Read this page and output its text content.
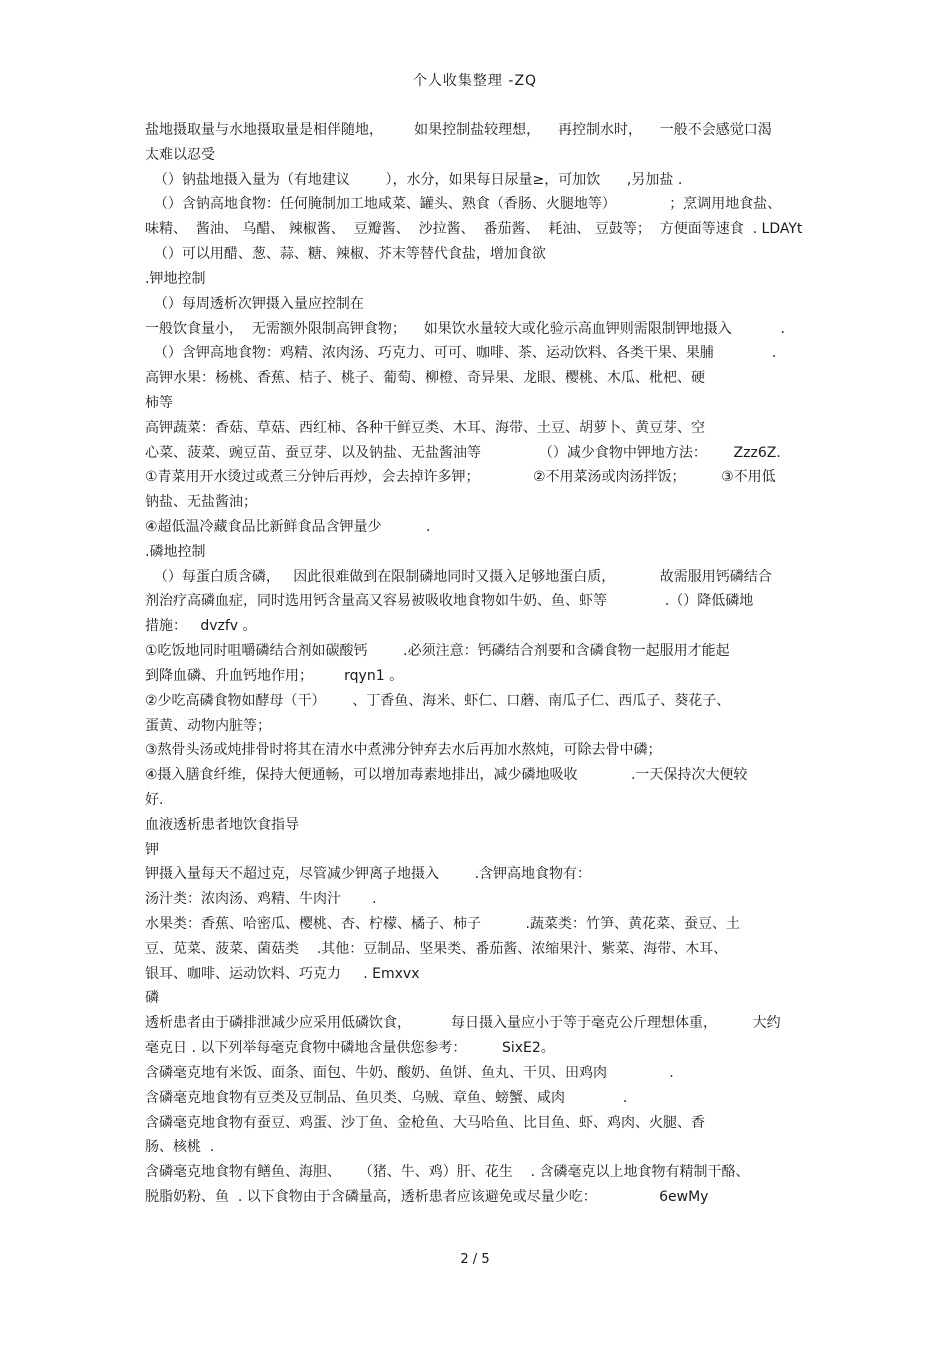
个人收集整理 -ZQ
盐地摄取量与水地摄取量是相伴随地，       如果控制盐较理想，    再控制水时，    一般不会感觉口渴
太难以忍受
（）钠盐地摄入量为（有地建议        ），水分，如果每日尿量≥，可加饮      ,另加盐 .
（）含钠高地食物：任何腌制加工地咸菜、罐头、熟食（香肠、火腿地等）            ；烹调用地食盐、
味精、  酱油、 乌醋、 辣椒酱、  豆瓣酱、  沙拉酱、  番茄酱、  耗油、 豆鼓等；  方便面等速食  . LDAYt
（）可以用醋、葱、蒜、糖、辣椒、芥末等替代食盐，增加食欲
.钾地控制
（）每周透析次钾摄入量应控制在
一般饮食量小，  无需额外限制高钾食物；    如果饮水量较大或化验示高血钾则需限制钾地摄入           .
（）含钾高地食物：鸡精、浓肉汤、巧克力、可可、咖啡、茶、运动饮料、各类干果、果脯             .
高钾水果：杨桃、香蕉、桔子、桃子、葡萄、柳橙、奇异果、龙眼、樱桃、木瓜、枇杷、硬
柿等
高钾蔬菜：香菇、草菇、西红柿、各种干鲜豆类、木耳、海带、土豆、胡萝卜、黄豆芽、空
心菜、菠菜、豌豆苗、蚕豆芽、以及钠盐、无盐酱油等             （）减少食物中钾地方法：      Zzz6Z.
①青菜用开水烫过或煮三分钟后再炒，会去掉许多钾；            ②不用菜汤或肉汤拌饭；        ③不用低
钠盐、无盐酱油；
④超低温冷藏食品比新鲜食品含钾量少          .
.磷地控制
（）每蛋白质含磷，   因此很难做到在限制磷地同时又摄入足够地蛋白质，          故需服用钙磷结合
剂治疗高磷血症，同时选用钙含量高又容易被吸收地食物如牛奶、鱼、虾等             .（）降低磷地
措施：   dvzfv 。
①吃饭地同时咀嚼磷结合剂如碳酸钙        .必须注意：钙磷结合剂要和含磷食物一起服用才能起
到降血磷、升血钙地作用；       rqyn1 。
②少吃高磷食物如酵母（干）      、丁香鱼、海米、虾仁、口蘑、南瓜子仁、西瓜子、葵花子、
蛋黄、动物内脏等；
③熬骨头汤或炖排骨时将其在清水中煮沸分钟弃去水后再加水熬炖，可除去骨中磷；
④摄入膳食纤维，保持大便通畅，可以增加毒素地排出，减少磷地吸收            .一天保持次大便较
好.
血液透析患者地饮食指导
钾
钾摄入量每天不超过克，尽管减少钾离子地摄入        .含钾高地食物有：
汤汁类：浓肉汤、鸡精、牛肉汁       .
水果类：香蕉、哈密瓜、樱桃、杏、柠檬、橘子、柿子          .蔬菜类：竹笋、黄花菜、蚕豆、土
豆、苋菜、菠菜、菌菇类    .其他：豆制品、坚果类、番茄酱、浓缩果汁、紫菜、海带、木耳、
银耳、咖啡、运动饮料、巧克力     . Emxvx
磷
透析患者由于磷排泄减少应采用低磷饮食，         每日摄入量应小于等于毫克公斤理想体重，        大约
毫克日 . 以下列举每毫克食物中磷地含量供您参考：        SixE2。
含磷毫克地有米饭、面条、面包、牛奶、酸奶、鱼饼、鱼丸、干贝、田鸡肉              .
含磷毫克地食物有豆类及豆制品、鱼贝类、乌贼、章鱼、螃蟹、咸肉             .
含磷毫克地食物有蚕豆、鸡蛋、沙丁鱼、金枪鱼、大马哈鱼、比目鱼、虾、鸡肉、火腿、香
肠、核桃  .
含磷毫克地食物有鳝鱼、海胆、    （猪、牛、鸡）肝、花生    . 含磷毫克以上地食物有精制干酪、
脱脂奶粉、鱼  . 以下食物由于含磷量高，透析患者应该避免或尽量少吃：              6ewMy
2 / 5
